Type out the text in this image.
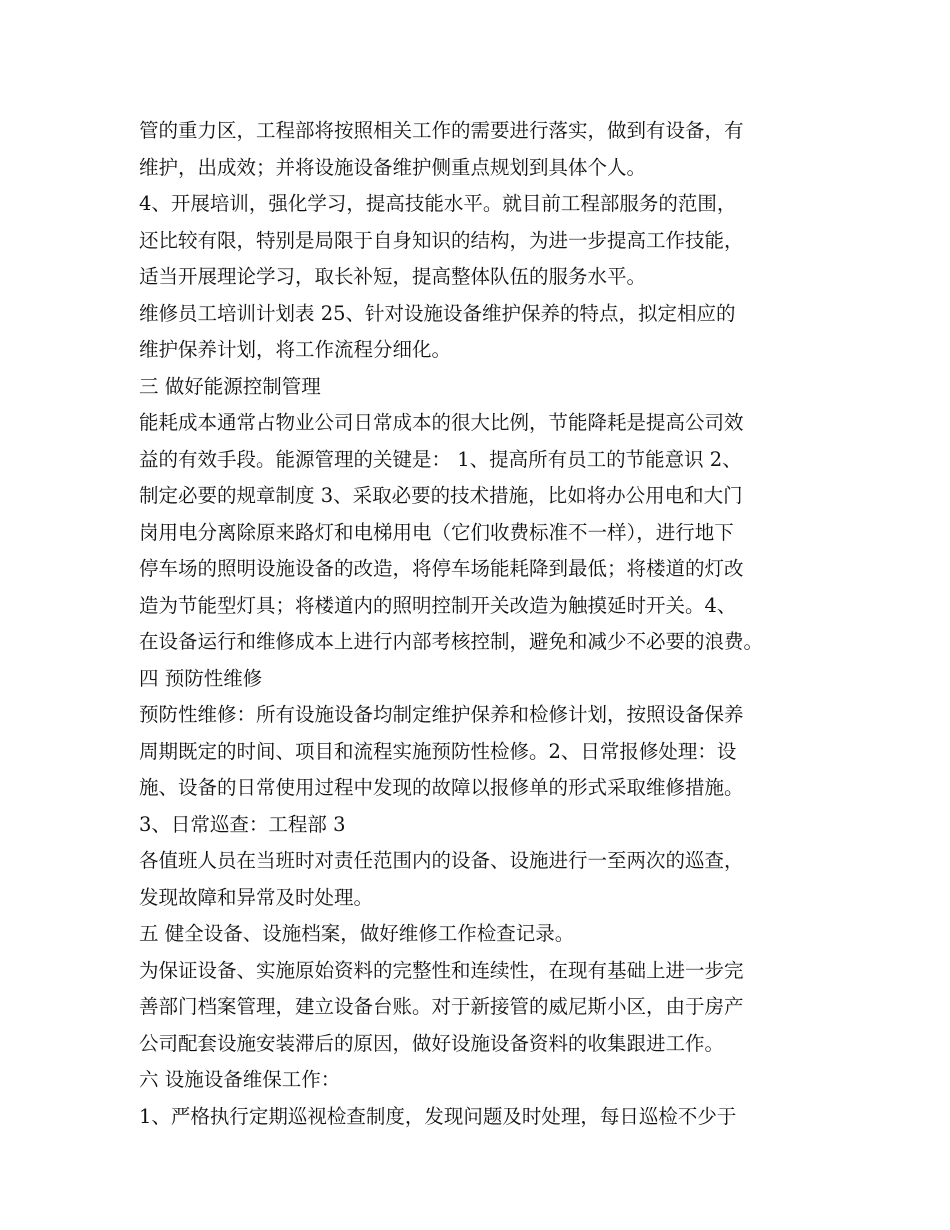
管的重力区，工程部将按照相关工作的需要进行落实，做到有设备，有
维护，出成效；并将设施设备维护侧重点规划到具体个人。
4、开展培训，强化学习，提高技能水平。就目前工程部服务的范围，
还比较有限，特别是局限于自身知识的结构，为进一步提高工作技能，
适当开展理论学习，取长补短，提高整体队伍的服务水平。
维修员工培训计划表 25、针对设施设备维护保养的特点，拟定相应的
维护保养计划，将工作流程分细化。
三 做好能源控制管理
能耗成本通常占物业公司日常成本的很大比例，节能降耗是提高公司效
益的有效手段。能源管理的关键是： 1、提高所有员工的节能意识 2、
制定必要的规章制度 3、采取必要的技术措施，比如将办公用电和大门
岗用电分离除原来路灯和电梯用电（它们收费标准不一样），进行地下
停车场的照明设施设备的改造，将停车场能耗降到最低；将楼道的灯改
造为节能型灯具；将楼道内的照明控制开关改造为触摸延时开关。4、
在设备运行和维修成本上进行内部考核控制，避免和减少不必要的浪费。
四 预防性维修
预防性维修：所有设施设备均制定维护保养和检修计划，按照设备保养
周期既定的时间、项目和流程实施预防性检修。2、日常报修处理：设
施、设备的日常使用过程中发现的故障以报修单的形式采取维修措施。
3、日常巡查：工程部 3
各值班人员在当班时对责任范围内的设备、设施进行一至两次的巡查，
发现故障和异常及时处理。
五 健全设备、设施档案，做好维修工作检查记录。
为保证设备、实施原始资料的完整性和连续性，在现有基础上进一步完
善部门档案管理，建立设备台账。对于新接管的威尼斯小区，由于房产
公司配套设施安装滞后的原因，做好设施设备资料的收集跟进工作。
六 设施设备维保工作：
1、严格执行定期巡视检查制度，发现问题及时处理，每日巡检不少于
